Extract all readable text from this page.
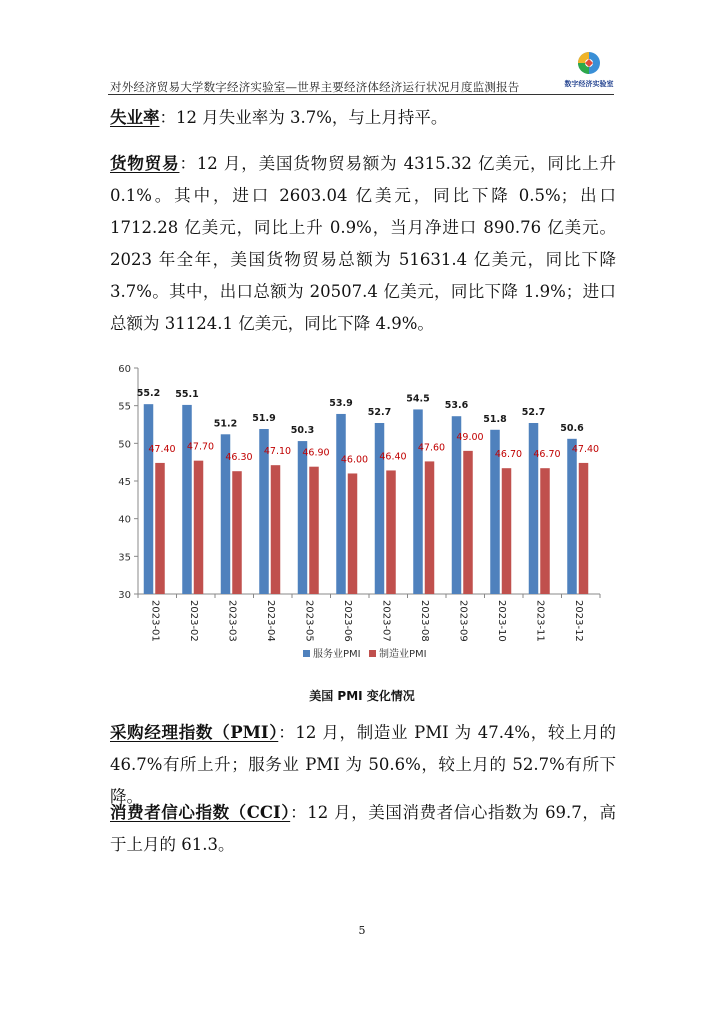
对外经济贸易大学数字经济实验室—世界主要经济体经济运行状况月度监测报告	数字经济实验室
失业率：12 月失业率为 3.7%，与上月持平。
货物贸易：12 月，美国货物贸易额为 4315.32 亿美元，同比上升 0.1%。其中，进口 2603.04 亿美元，同比下降 0.5%；出口 1712.28 亿美元，同比上升 0.9%，当月净进口 890.76 亿美元。2023 年全年，美国货物贸易总额为 51631.4 亿美元，同比下降 3.7%。其中，出口总额为 20507.4 亿美元，同比下降 1.9%；进口总额为 31124.1 亿美元，同比下降 4.9%。
30
35
40
45
50
55
60
2023-01	2023-02	2023-03	2023-04	2023-05	2023-06	2023-07	2023-08	2023-09	2023-10	2023-11	2023-12
55.2
47.40
55.1
47.70
51.2
46.30
51.9
47.10
50.3
46.90
53.9
46.00
52.7
46.40
54.5
47.60
53.6
49.00
51.8
46.70
52.7
46.70
50.6
47.40
服务业PMI 制造业PMI
美国 PMI 变化情况
采购经理指数（PMI）：12 月，制造业 PMI 为 47.4%，较上月的 46.7%有所上升；服务业 PMI 为 50.6%，较上月的 52.7%有所下降。
消费者信心指数（CCI）：12 月，美国消费者信心指数为 69.7，高于上月的 61.3。
5
